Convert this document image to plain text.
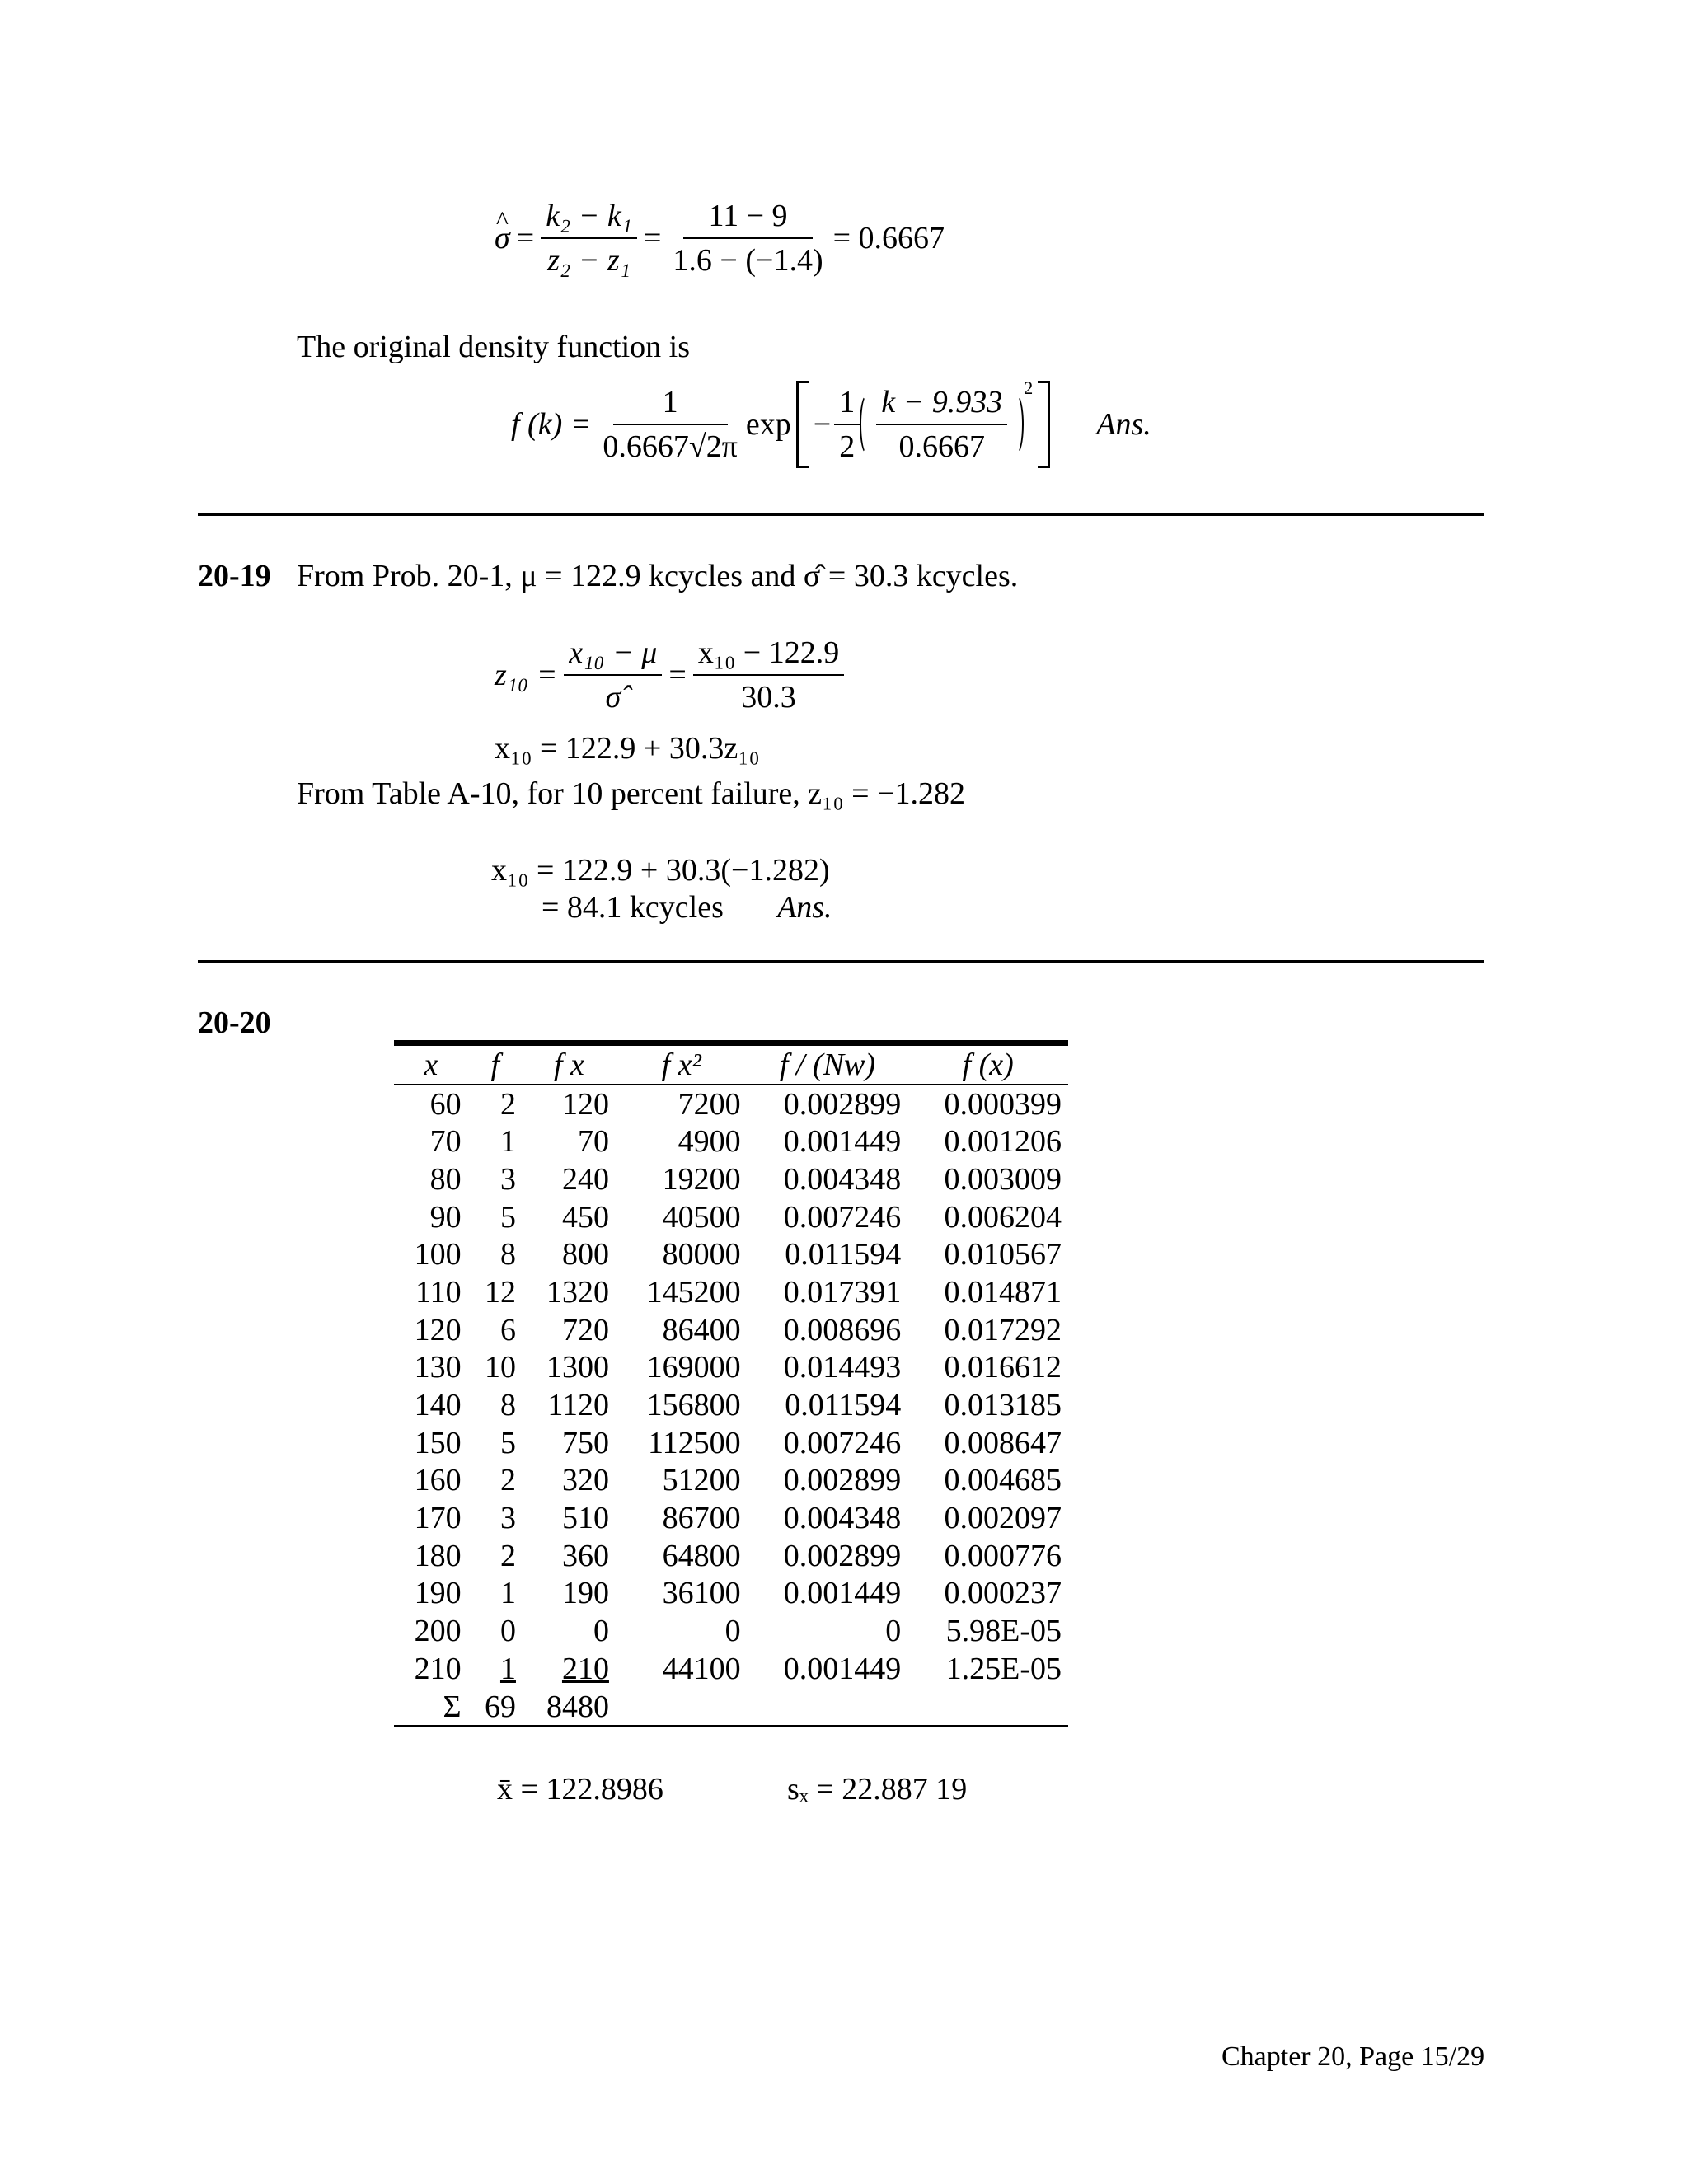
^ $\sigma = \frac{\text{k₂ − k₁}}{\text{z₂ − z₁}} = \frac{11 - 9}{1.6 - (-1.4)} = 0.6667$
The original density function is
f $(k) = \frac{1}{0.6667√2\pi}$ $\exp - \frac{1}{2} \frac{k - 9.933}{0.6667} 2$
Ans.
20-19 From Prob. 20-1, μ = 122.9 kcycles and σ̂ = 30.3 kcycles.
$z_{10} = \frac{\text{x₁₀ − μ}}{\sigmâ} = \frac{\text{x₁₀ − 122.9}}{30.3}$
x₁₀ = 122.9 + 30.3z₁₀
From Table A-10, for 10 percent failure, z₁₀ = −1.282
x₁₀ = 122.9 + 30.3(−1.282)
= 84.1 kcycles Ans.
20-20
x	f	f x	f x²	f / (Nw)	f (x)
60	2	120	7200	0.002899	0.000399
70	1	70	4900	0.001449	0.001206
80	3	240	19200	0.004348	0.003009
90	5	450	40500	0.007246	0.006204
100	8	800	80000	0.011594	0.010567
110	12	1320	145200	0.017391	0.014871
120	6	720	86400	0.008696	0.017292
130	10	1300	169000	0.014493	0.016612
140	8	1120	156800	0.011594	0.013185
150	5	750	112500	0.007246	0.008647
160	2	320	51200	0.002899	0.004685
170	3	510	86700	0.004348	0.002097
180	2	360	64800	0.002899	0.000776
190	1	190	36100	0.001449	0.000237
200	0	0	0	0	5.98E-05
210	1	210	44100	0.001449	1.25E-05
Σ	69	8480			
x̄ = 122.8986	sₓ = 22.887 19
Chapter 20, Page 15/29
